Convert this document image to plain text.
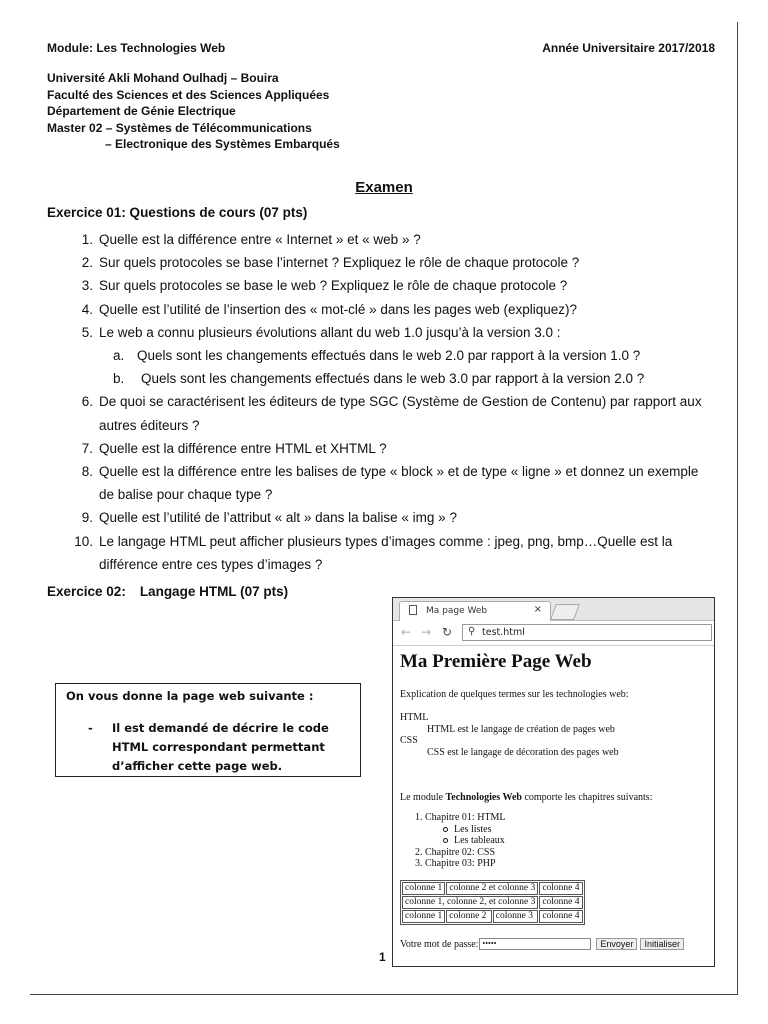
Module: Les Technologies Web	Année Universitaire 2017/2018
Université Akli Mohand Oulhadj – Bouira
Faculté des Sciences et des Sciences Appliquées
Département de Génie Electrique
Master 02 – Systèmes de Télécommunications
– Electronique des Systèmes Embarqués
Examen
Exercice 01: Questions de cours (07 pts)
1. Quelle est la différence entre « Internet » et « web » ?
2. Sur quels protocoles se base l’internet ? Expliquez le rôle de chaque protocole ?
3. Sur quels protocoles se base le web ? Expliquez le rôle de chaque protocole ?
4. Quelle est l’utilité de l’insertion des « mot-clé » dans les pages web (expliquez)?
5. Le web a connu plusieurs évolutions allant du web 1.0 jusqu’à la version 3.0 :
a. Quels sont les changements effectués dans le web 2.0 par rapport à la version 1.0 ?
b.	Quels sont les changements effectués dans le web 3.0 par rapport à la version 2.0 ?
6. De quoi se caractérisent les éditeurs de type SGC (Système de Gestion de Contenu) par rapport aux autres éditeurs ?
7. Quelle est la différence entre HTML et XHTML ?
8. Quelle est la différence entre les balises de type « block » et de type « ligne » et donnez un exemple de balise pour chaque type ?
9. Quelle est l’utilité de l’attribut « alt » dans la balise « img » ?
10. Le langage HTML peut afficher plusieurs types d’images comme : jpeg, png, bmp…Quelle est la différence entre ces types d’images ?
Exercice 02: Langage HTML (07 pts)
On vous donne la page web suivante :
- Il est demandé de décrire le code HTML correspondant permettant d’afficher cette page web.
Ma page Web	×
← → ↻ ⚲ test.html
Ma Première Page Web
Explication de quelques termes sur les technologies web:
HTML
HTML est le langage de création de pages web
CSS
CSS est le langage de décoration des pages web
Le module Technologies Web comporte les chapitres suivants:
1. Chapitre 01: HTML
Les listes
Les tableaux
2. Chapitre 02: CSS
3. Chapitre 03: PHP
colonne 1	colonne 2 et colonne 3		colonne 4
colonne 1, colonne 2, et colonne 3			colonne 4
colonne 1	colonne 2	colonne 3	colonne 4
Votre mot de passe: •••••	Envoyer	Initialiser
1
